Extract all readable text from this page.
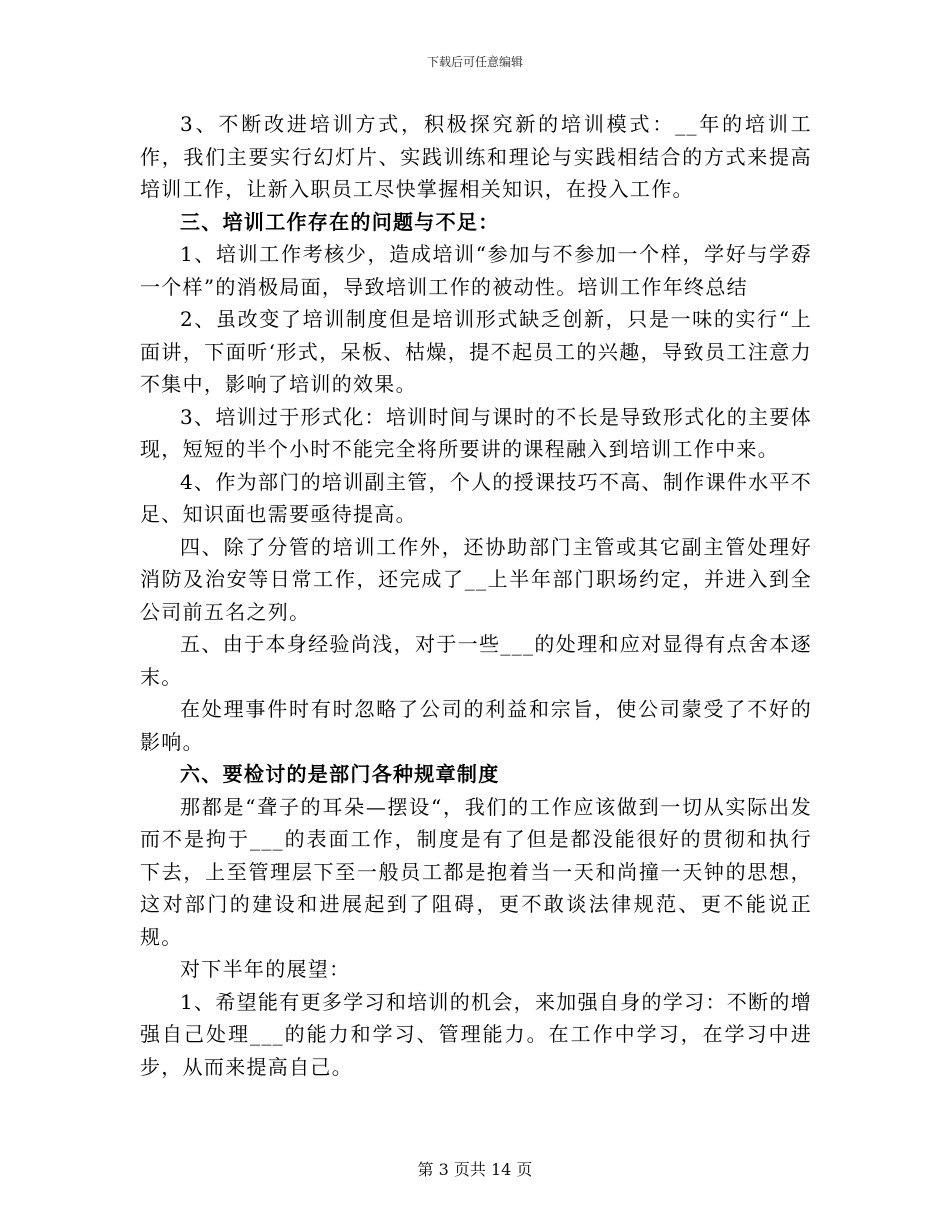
下载后可任意编辑

3、不断改进培训方式，积极探究新的培训模式：__年的培训工作，我们主要实行幻灯片、实践训练和理论与实践相结合的方式来提高培训工作，让新入职员工尽快掌握相关知识，在投入工作。

三、培训工作存在的问题与不足：

1、培训工作考核少，造成培训“参加与不参加一个样，学好与学孬一个样”的消极局面，导致培训工作的被动性。培训工作年终总结

2、虽改变了培训制度但是培训形式缺乏创新，只是一味的实行“上面讲，下面听‘形式，呆板、枯燥，提不起员工的兴趣，导致员工注意力不集中，影响了培训的效果。

3、培训过于形式化：培训时间与课时的不长是导致形式化的主要体现，短短的半个小时不能完全将所要讲的课程融入到培训工作中来。

4、作为部门的培训副主管，个人的授课技巧不高、制作课件水平不足、知识面也需要亟待提高。

四、除了分管的培训工作外，还协助部门主管或其它副主管处理好消防及治安等日常工作，还完成了__上半年部门职场约定，并进入到全公司前五名之列。

五、由于本身经验尚浅，对于一些___的处理和应对显得有点舍本逐末。

在处理事件时有时忽略了公司的利益和宗旨，使公司蒙受了不好的影响。

六、要检讨的是部门各种规章制度

那都是“聋子的耳朵—摆设“，我们的工作应该做到一切从实际出发而不是拘于___的表面工作，制度是有了但是都没能很好的贯彻和执行下去，上至管理层下至一般员工都是抱着当一天和尚撞一天钟的思想，这对部门的建设和进展起到了阻碍，更不敢谈法律规范、更不能说正规。

对下半年的展望：

1、希望能有更多学习和培训的机会，来加强自身的学习：不断的增强自己处理___的能力和学习、管理能力。在工作中学习，在学习中进步，从而来提高自己。

第 3 页共 14 页
